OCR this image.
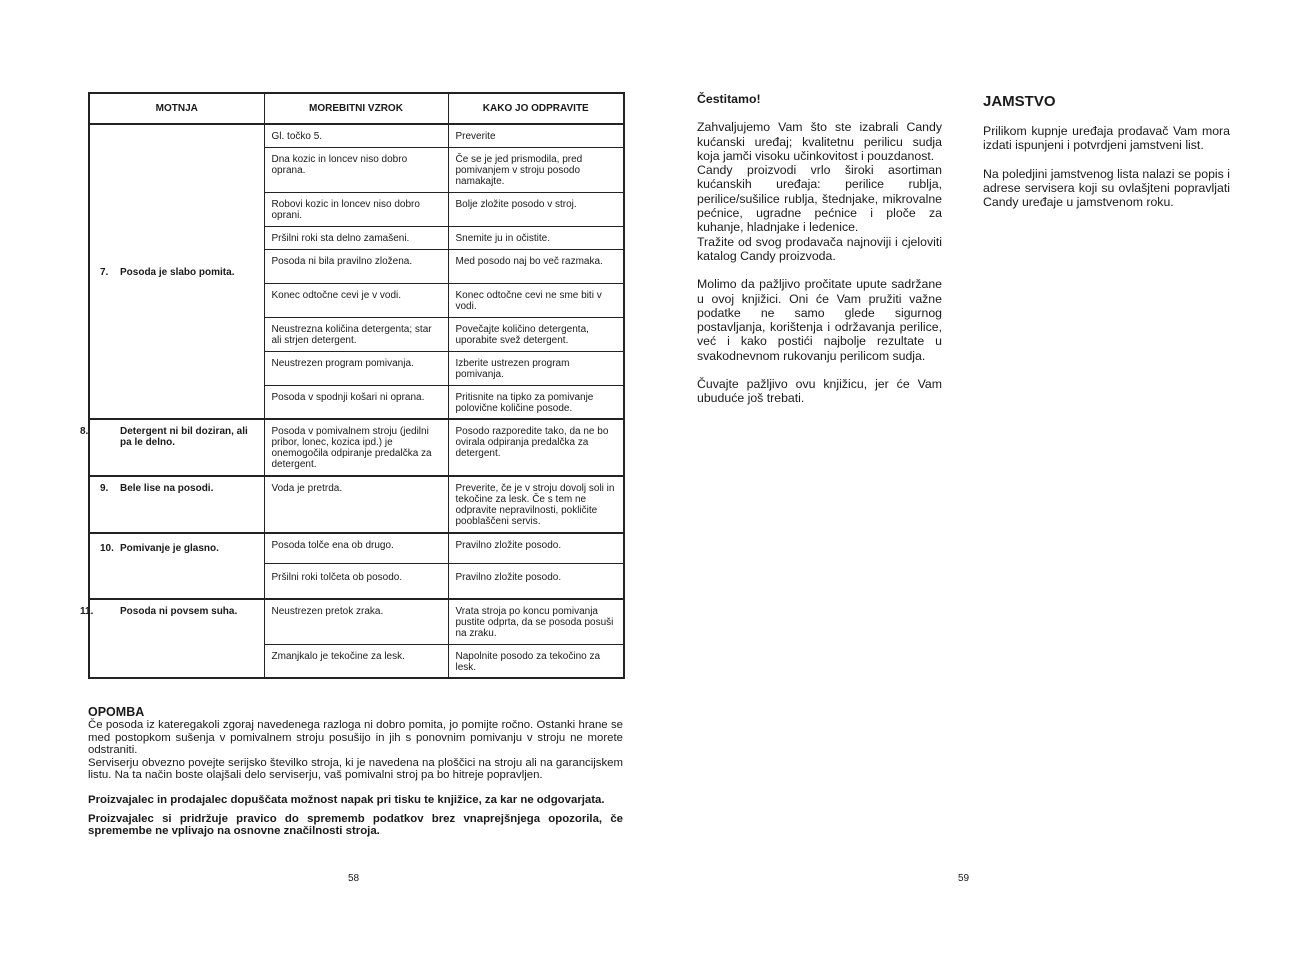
MOTNJA	MOREBITNI VZROK	KAKO JO ODPRAVITE
7. Posoda je slabo pomita.	Gl. točko 5.	Preverite
	Dna kozic in loncev niso dobro oprana.	Če se je jed prismodila, pred pomivanjem v stroju posodo namakajte.
	Robovi kozic in loncev niso dobro oprani.	Bolje zložite posodo v stroj.
	Pršilni roki sta delno zamašeni.	Snemite ju in očistite.
	Posoda ni bila pravilno zložena.	Med posodo naj bo več razmaka.
	Konec odtočne cevi je v vodi.	Konec odtočne cevi ne sme biti v vodi.
	Neustrezna količina detergenta; star ali strjen detergent.	Povečajte količino detergenta, uporabite svež detergent.
	Neustrezen program pomivanja.	Izberite ustrezen program pomivanja.
	Posoda v spodnji košari ni oprana.	Pritisnite na tipko za pomivanje polovične količine posode.

8. Detergent ni bil doziran, ali pa le delno.	Posoda v pomivalnem stroju (jedilni pribor, lonec, kozica ipd.) je onemogočila odpiranje predalčka za detergent.	Posodo razporedite tako, da ne bo ovirala odpiranja predalčka za detergent.
9. Bele lise na posodi.	Voda je pretrda.	Preverite, če je v stroju dovolj soli in tekočine za lesk. Če s tem ne odpravite nepravilnosti, pokličite pooblaščeni servis.
10. Pomivanje je glasno.	Posoda tolče ena ob drugo.	Pravilno zložite posodo.
	Pršilni roki tolčeta ob posodo.	Pravilno zložite posodo.

11. Posoda ni povsem suha.	Neustrezen pretok zraka.	Vrata stroja po koncu pomivanja pustite odprta, da se posoda posuši na zraku.
	Zmanjkalo je tekočine za lesk.	Napolnite posodo za tekočino za lesk.
OPOMBA

Če posoda iz kateregakoli zgoraj navedenega razloga ni dobro pomita, jo pomijte ročno. Ostanki hrane se med postopkom sušenja v pomivalnem stroju posušijo in jih s ponovnim pomivanju v stroju ne morete odstraniti.

Serviserju obvezno povejte serijsko številko stroja, ki je navedena na ploščici na stroju ali na garancijskem listu. Na ta način boste olajšali delo serviserju, vaš pomivalni stroj pa bo hitreje popravljen.

Proizvajalec in prodajalec dopuščata možnost napak pri tisku te knjižice, za kar ne odgovarjata.

Proizvajalec si pridržuje pravico do sprememb podatkov brez vnaprejšnjega opozorila, če spremembe ne vplivajo na osnovne značilnosti stroja.

58	59

Čestitamo!

Zahvaljujemo Vam što ste izabrali Candy kućanski uređaj; kvalitetnu perilicu sudja koja jamči visoku učinkovitost i pouzdanost.

Candy proizvodi vrlo široki asortiman kućanskih uređaja: perilice rublja, perilice/sušilice rublja, štednjake, mikrovalne pećnice, ugradne pećnice i ploče za kuhanje, hladnjake i ledenice.

Tražite od svog prodavača najnoviji i cjeloviti katalog Candy proizvoda.

Molimo da pažljivo pročitate upute sadržane u ovoj knjižici. Oni će Vam pružiti važne podatke ne samo glede sigurnog postavljanja, korištenja i održavanja perilice, već i kako postići najbolje rezultate u svakodnevnom rukovanju perilicom sudja.

Čuvajte pažljivo ovu knjižicu, jer će Vam ubuduće još trebati.

JAMSTVO

Prilikom kupnje uređaja prodavač Vam mora izdati ispunjeni i potvrdjeni jamstveni list.

Na poledjini jamstvenog lista nalazi se popis i adrese servisera koji su ovlašjteni popravljati Candy uređaje u jamstvenom roku.
